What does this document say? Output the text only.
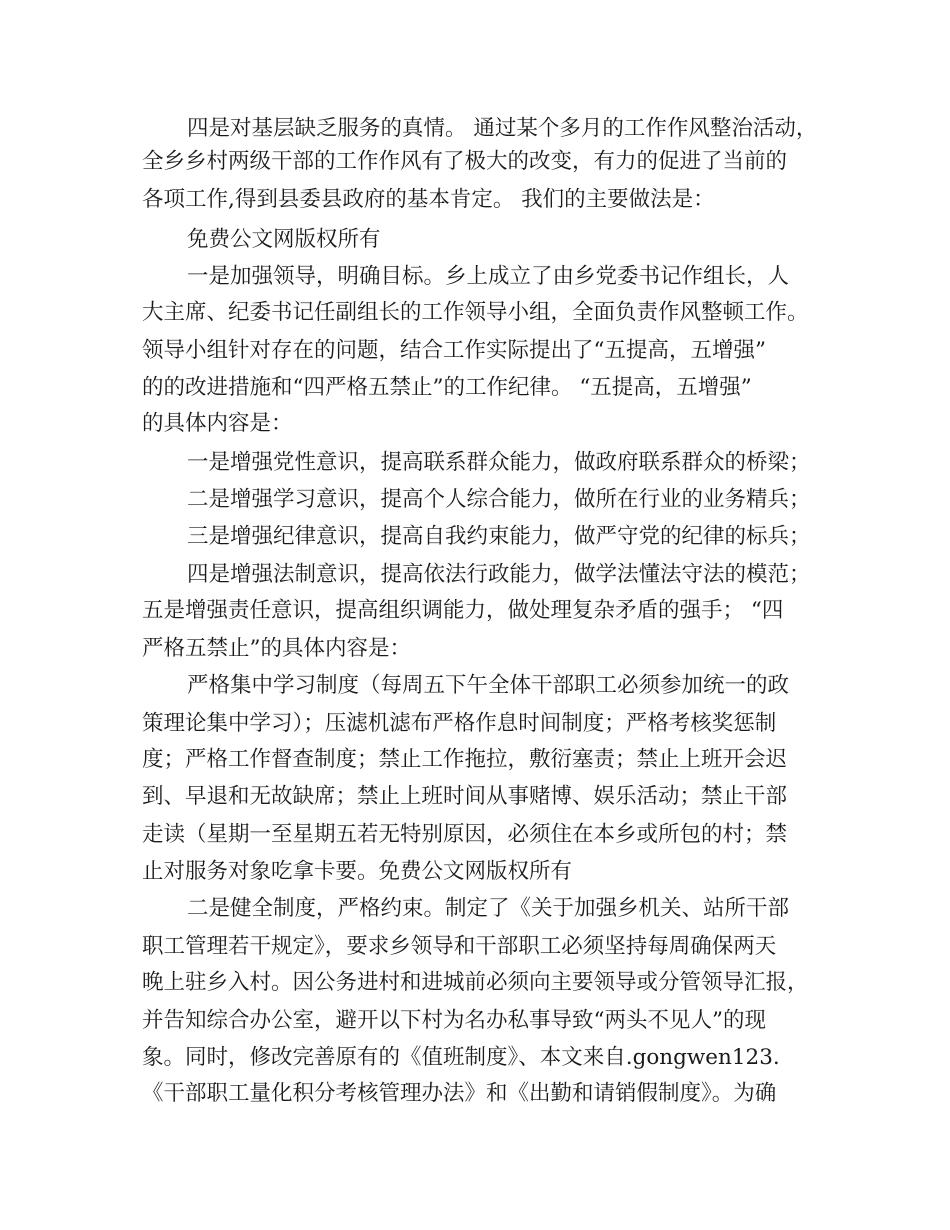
四是对基层缺乏服务的真情。 通过某个多月的工作作风整治活动，
全乡乡村两级干部的工作作风有了极大的改变，有力的促进了当前的
各项工作,得到县委县政府的基本肯定。 我们的主要做法是：
免费公文网版权所有
一是加强领导，明确目标。乡上成立了由乡党委书记作组长，人
大主席、纪委书记任副组长的工作领导小组，全面负责作风整顿工作。
领导小组针对存在的问题，结合工作实际提出了“五提高，五增强”
的的改进措施和“四严格五禁止”的工作纪律。 “五提高，五增强”
的具体内容是：
一是增强党性意识，提高联系群众能力，做政府联系群众的桥梁；
二是增强学习意识，提高个人综合能力，做所在行业的业务精兵；
三是增强纪律意识，提高自我约束能力，做严守党的纪律的标兵；
四是增强法制意识，提高依法行政能力，做学法懂法守法的模范；
五是增强责任意识，提高组织调能力，做处理复杂矛盾的强手； “四
严格五禁止”的具体内容是：
严格集中学习制度（每周五下午全体干部职工必须参加统一的政
策理论集中学习）；压滤机滤布严格作息时间制度；严格考核奖惩制
度；严格工作督查制度；禁止工作拖拉，敷衍塞责；禁止上班开会迟
到、早退和无故缺席；禁止上班时间从事赌博、娱乐活动；禁止干部
走读（星期一至星期五若无特别原因，必须住在本乡或所包的村；禁
止对服务对象吃拿卡要。免费公文网版权所有
二是健全制度，严格约束。制定了《关于加强乡机关、站所干部
职工管理若干规定》，要求乡领导和干部职工必须坚持每周确保两天
晚上驻乡入村。因公务进村和进城前必须向主要领导或分管领导汇报，
并告知综合办公室，避开以下村为名办私事导致“两头不见人”的现
象。同时，修改完善原有的《值班制度》、本文来自.gongwen123.
《干部职工量化积分考核管理办法》和《出勤和请销假制度》。为确
